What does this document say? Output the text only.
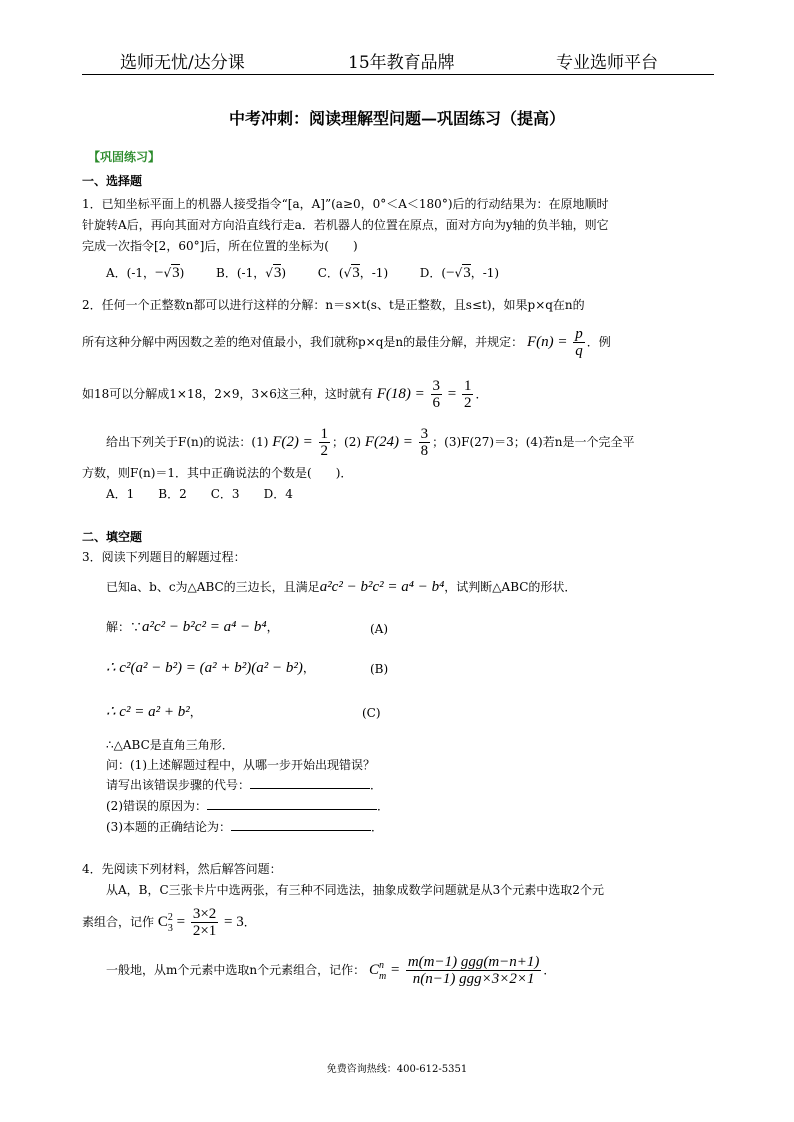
选师无忧/达分课	15年教育品牌	专业选师平台
中考冲刺：阅读理解型问题—巩固练习（提高）
【巩固练习】
一、选择题
1．已知坐标平面上的机器人接受指令“[a，A]”(a≥0，0°＜A＜180°)后的行动结果为：在原地顺时
针旋转A后，再向其面对方向沿直线行走a．若机器人的位置在原点，面对方向为y轴的负半轴，则它
完成一次指令[2，60°]后，所在位置的坐标为(　　)
A．(-1，−√3)	B．(-1，√3)	C．(√3，-1)	D．(−√3，-1)
2．任何一个正整数n都可以进行这样的分解：n＝s×t(s、t是正整数，且s≤t)，如果p×q在n的
所有这种分解中两因数之差的绝对值最小，我们就称p×q是n的最佳分解，并规定： $F(n) = \frac{p}{q}$ ．例
如18可以分解成1×18，2×9，3×6这三种，这时就有 $F(18) = \frac{3}{6} = \frac{1}{2}$ ．
给出下列关于F(n)的说法：(1) $F(2) = \frac{1}{2}$ ；(2) $F(24) = \frac{3}{8}$ ；(3)F(27)＝3；(4)若n是一个完全平
方数，则F(n)＝1．其中正确说法的个数是(　　)．
A．1　　B．2　　C．3　　D．4
二、填空题
3．阅读下列题目的解题过程：
已知a、b、c为△ABC的三边长，且满足a²c² − b²c² = a⁴ − b⁴，试判断△ABC的形状．
解：∵a²c² − b²c² = a⁴ − b⁴，	(A)
∴ c²(a² − b²) = (a² + b²)(a² − b²)，	(B)
∴ c² = a² + b²，	(C)
∴△ABC是直角三角形．
问：(1)上述解题过程中，从哪一步开始出现错误？
请写出该错误步骤的代号：	．
(2)错误的原因为：	．
(3)本题的正确结论为：	．
4．先阅读下列材料，然后解答问题：
从A，B，C三张卡片中选两张，有三种不同选法，抽象成数学问题就是从3个元素中选取2个元
素组合，记作 C 2
$3 = \frac{3\times 2}{2\times 1} = 3$．
一般地，从m个元素中选取n个元素组合，记作： C n
$m = \frac{\text{m(m−1) ggg(m−n+1)}}{\text{n(n−1) ggg×3×2×1}}$ ．
免费咨询热线：400-612-5351
